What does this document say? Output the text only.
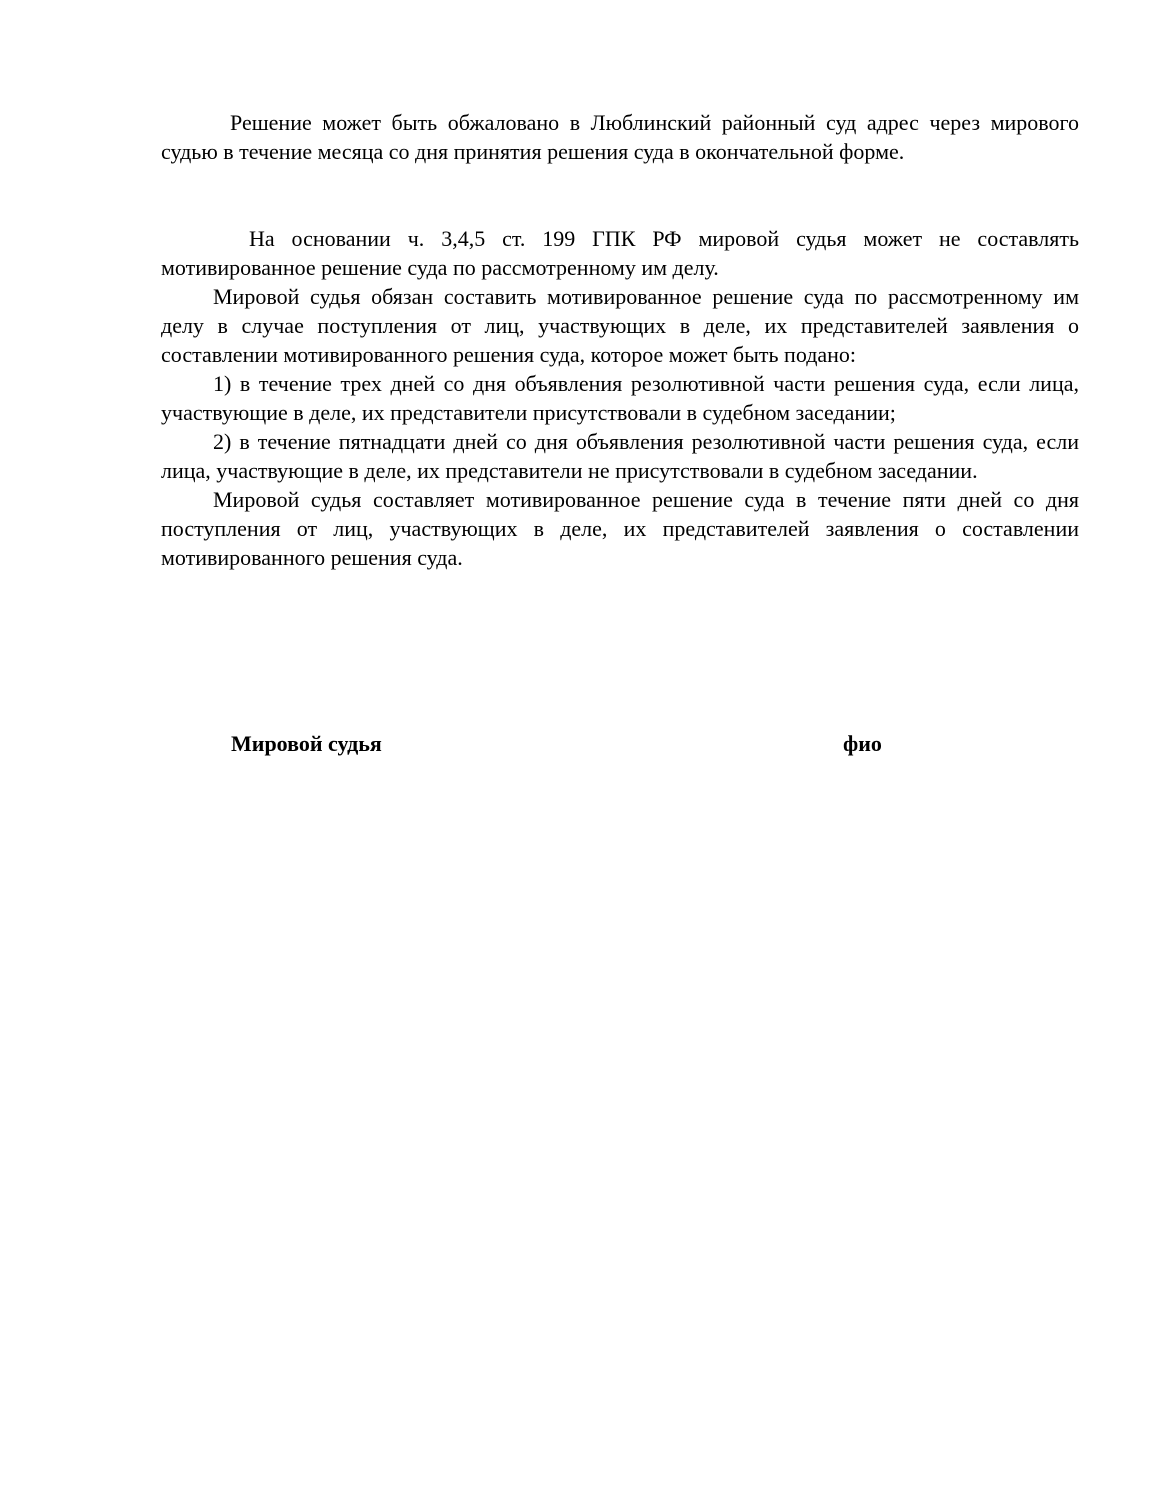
Решение может быть обжаловано в Люблинский районный суд адрес через мирового судью в течение месяца со дня принятия решения суда в окончательной форме.

На основании ч. 3,4,5 ст. 199 ГПК РФ мировой судья может не составлять мотивированное решение суда по рассмотренному им делу.

Мировой судья обязан составить мотивированное решение суда по рассмотренному им делу в случае поступления от лиц, участвующих в деле, их представителей заявления о составлении мотивированного решения суда, которое может быть подано:

1) в течение трех дней со дня объявления резолютивной части решения суда, если лица, участвующие в деле, их представители присутствовали в судебном заседании;

2) в течение пятнадцати дней со дня объявления резолютивной части решения суда, если лица, участвующие в деле, их представители не присутствовали в судебном заседании.

Мировой судья составляет мотивированное решение суда в течение пяти дней со дня поступления от лиц, участвующих в деле, их представителей заявления о составлении мотивированного решения суда.

Мировой судья	фио
